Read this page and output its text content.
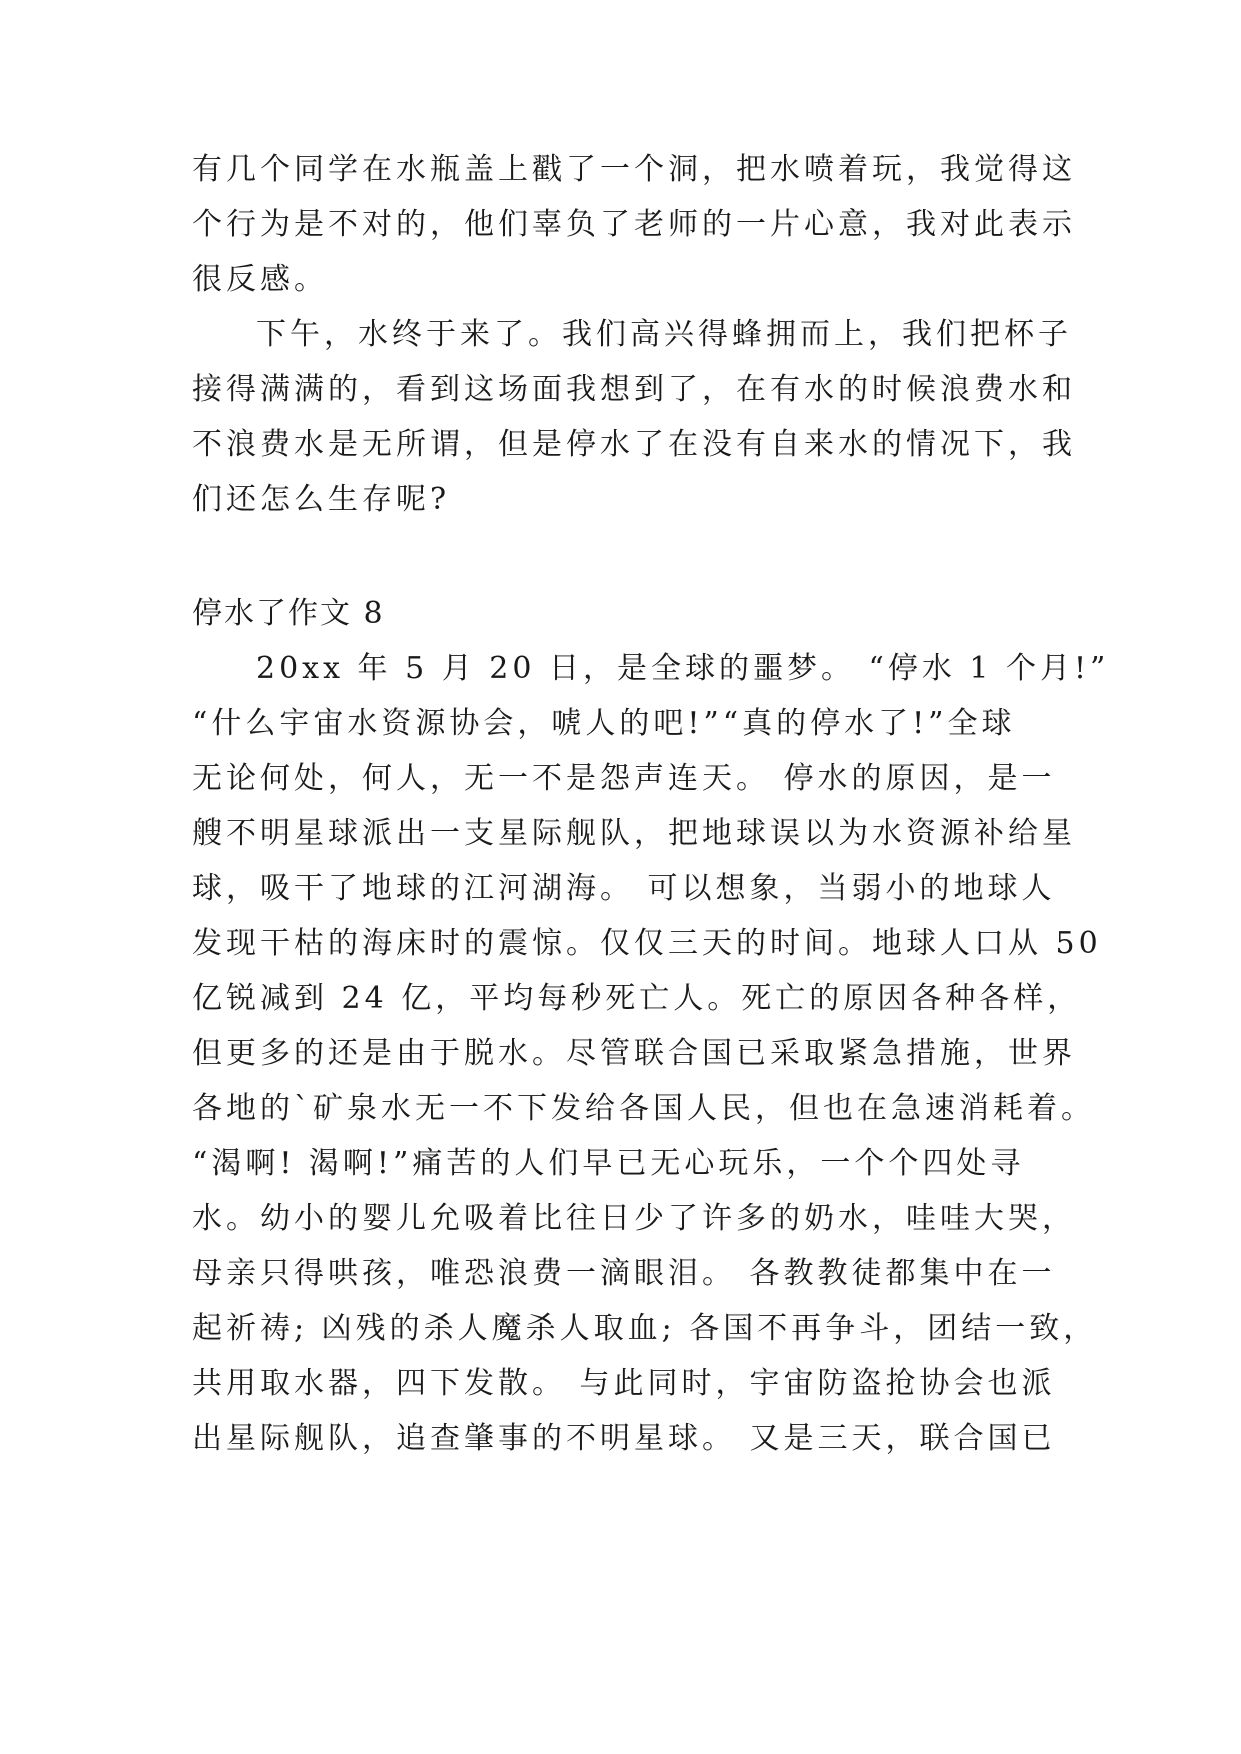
有几个同学在水瓶盖上戳了一个洞，把水喷着玩，我觉得这
个行为是不对的，他们辜负了老师的一片心意，我对此表示
很反感。
下午，水终于来了。我们高兴得蜂拥而上，我们把杯子
接得满满的，看到这场面我想到了，在有水的时候浪费水和
不浪费水是无所谓，但是停水了在没有自来水的情况下，我
们还怎么生存呢?
停水了作文 8
20xx 年 5 月 20 日，是全球的噩梦。 “停水 1 个月!”
“什么宇宙水资源协会，唬人的吧!”“真的停水了!”全球
无论何处，何人，无一不是怨声连天。 停水的原因，是一
艘不明星球派出一支星际舰队，把地球误以为水资源补给星
球，吸干了地球的江河湖海。 可以想象，当弱小的地球人
发现干枯的海床时的震惊。仅仅三天的时间。地球人口从 50
亿锐减到 24 亿，平均每秒死亡人。死亡的原因各种各样，
但更多的还是由于脱水。尽管联合国已采取紧急措施，世界
各地的`矿泉水无一不下发给各国人民，但也在急速消耗着。
“渴啊! 渴啊!”痛苦的人们早已无心玩乐，一个个四处寻
水。幼小的婴儿允吸着比往日少了许多的奶水，哇哇大哭，
母亲只得哄孩，唯恐浪费一滴眼泪。 各教教徒都集中在一
起祈祷; 凶残的杀人魔杀人取血; 各国不再争斗，团结一致，
共用取水器，四下发散。 与此同时，宇宙防盗抢协会也派
出星际舰队，追查肇事的不明星球。 又是三天，联合国已
